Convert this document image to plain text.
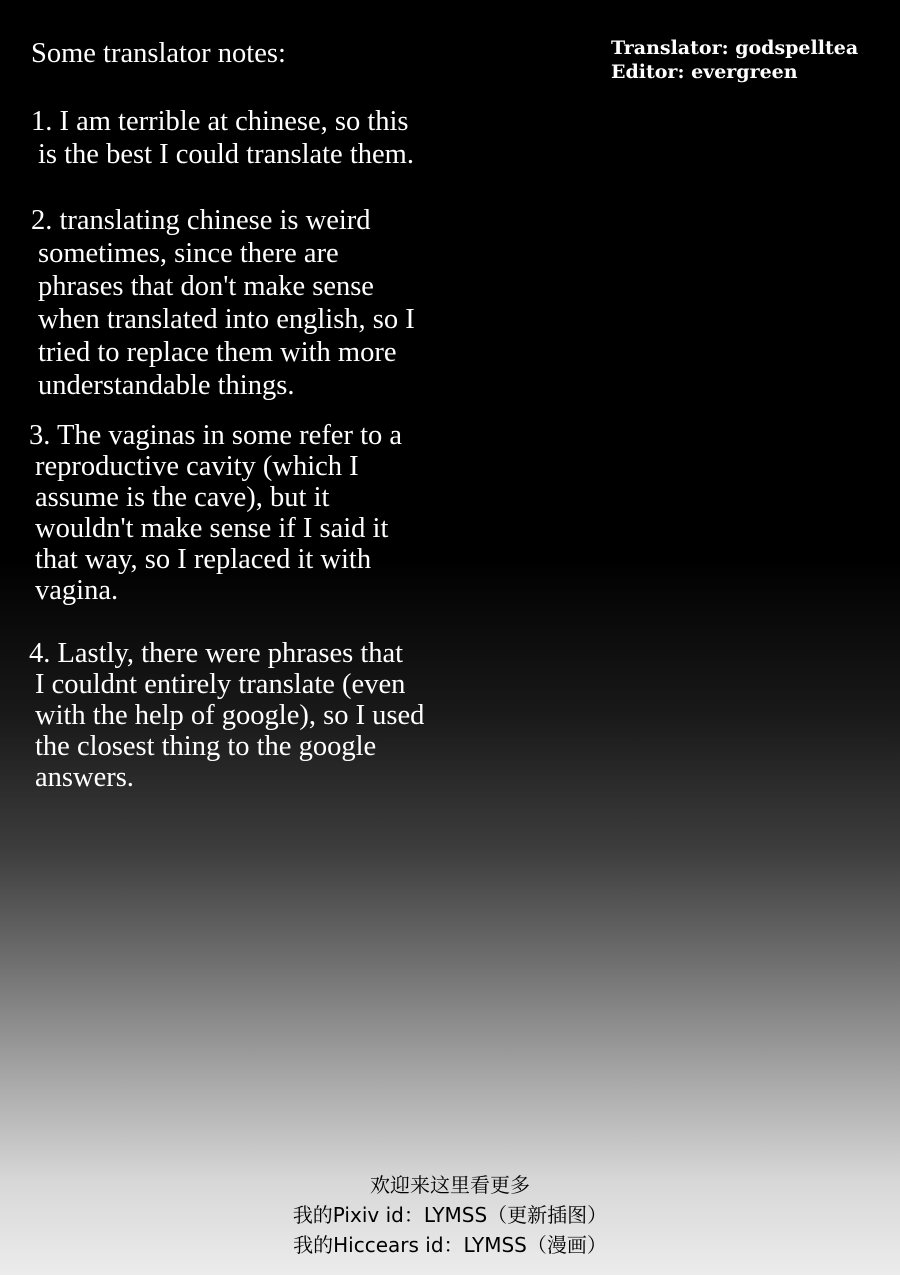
Translator: godspelltea
Editor: evergreen
Some translator notes:
1. I am terrible at chinese, so this
is the best I could translate them.
2. translating chinese is weird
sometimes, since there are
phrases that don't make sense
when translated into english, so I
tried to replace them with more
understandable things.
3. The vaginas in some refer to a
reproductive cavity (which I
assume is the cave), but it
wouldn't make sense if I said it
that way, so I replaced it with
vagina.
4. Lastly, there were phrases that
I couldnt entirely translate (even
with the help of google), so I used
the closest thing to the google
answers.
欢迎来这里看更多
我的Pixiv id：LYMSS（更新插图）
我的Hiccears id：LYMSS（漫画）
